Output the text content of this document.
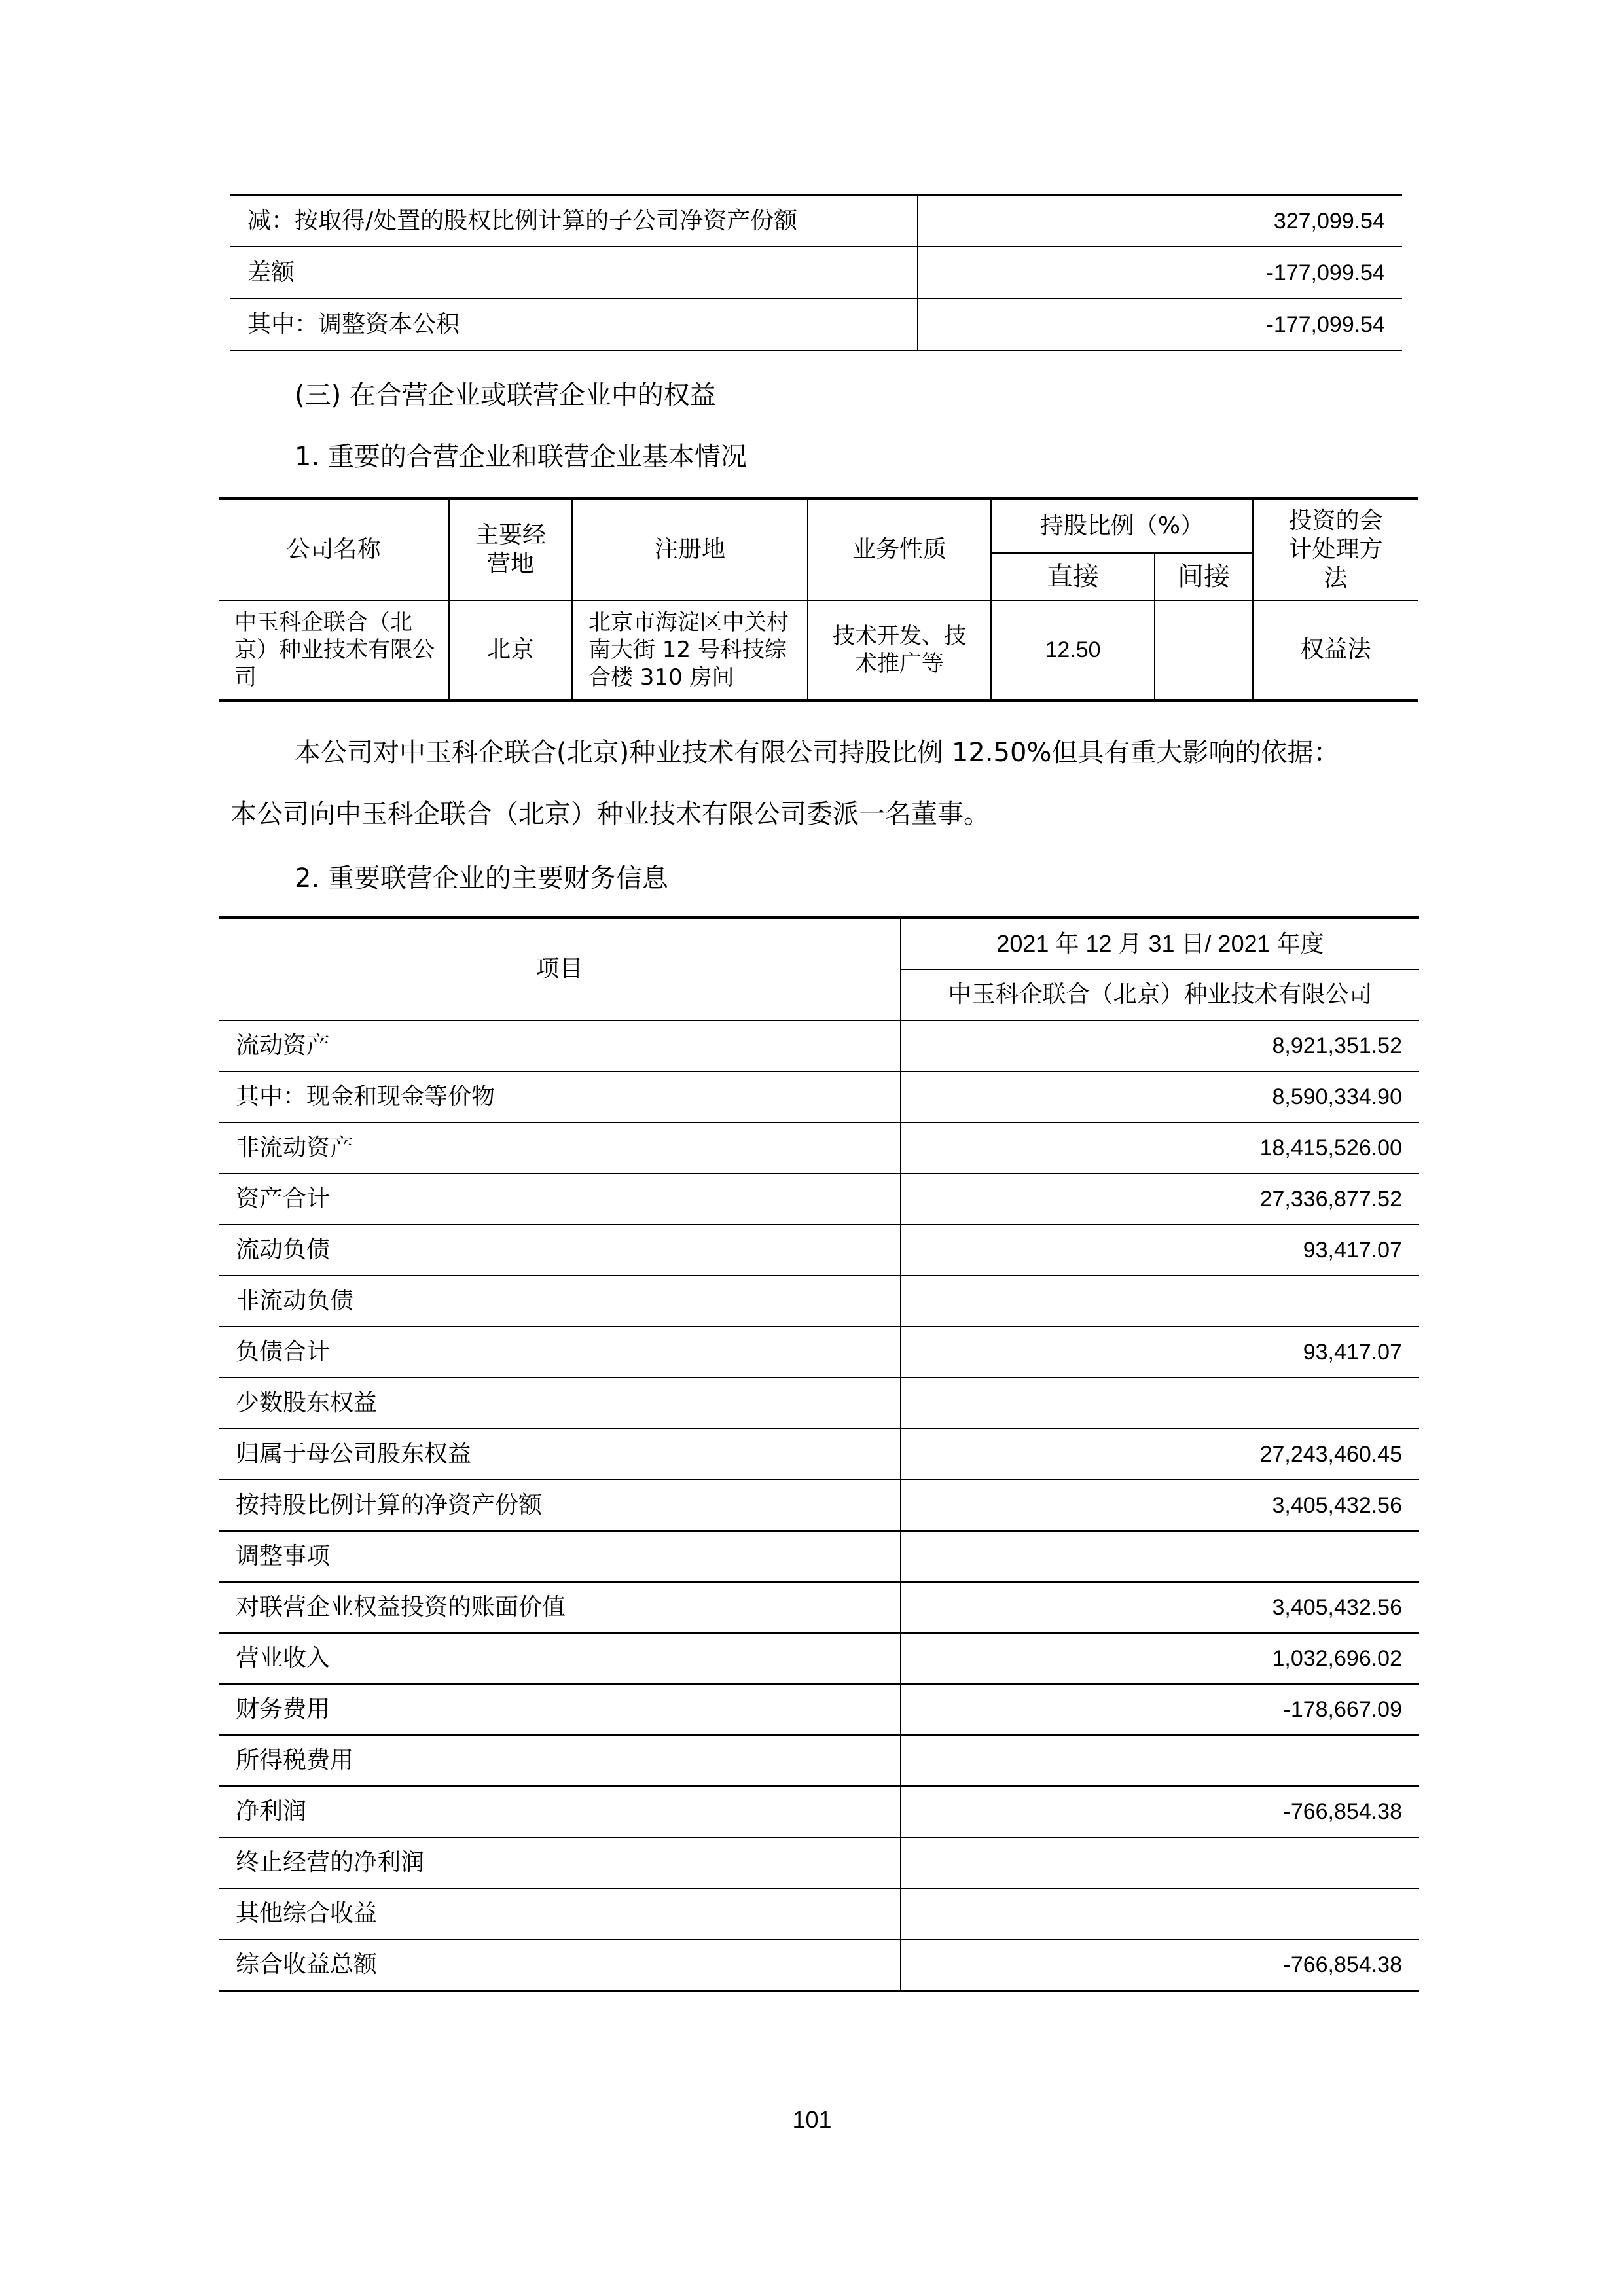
减：按取得/处置的股权比例计算的子公司净资产份额	327,099.54
差额	-177,099.54
其中：调整资本公积	-177,099.54
(三) 在合营企业或联营企业中的权益
1. 重要的合营企业和联营企业基本情况
公司名称	主要经营地	注册地	业务性质	持股比例（%）		投资的会计处理方法
				直接	间接	
中玉科企联合（北京）种业技术有限公司	北京	北京市海淀区中关村南大街 12 号科技综合楼 310 房间	技术开发、技术推广等	12.50		权益法
本公司对中玉科企联合(北京)种业技术有限公司持股比例 12.50%但具有重大影响的依据：
本公司向中玉科企联合（北京）种业技术有限公司委派一名董事。
2. 重要联营企业的主要财务信息
项目	2021 年 12 月 31 日/ 2021 年度
	中玉科企联合（北京）种业技术有限公司
流动资产	8,921,351.52
其中：现金和现金等价物	8,590,334.90
非流动资产	18,415,526.00
资产合计	27,336,877.52
流动负债	93,417.07
非流动负债	
负债合计	93,417.07
少数股东权益	
归属于母公司股东权益	27,243,460.45
按持股比例计算的净资产份额	3,405,432.56
调整事项	
对联营企业权益投资的账面价值	3,405,432.56
营业收入	1,032,696.02
财务费用	-178,667.09
所得税费用	
净利润	-766,854.38
终止经营的净利润	
其他综合收益	
综合收益总额	-766,854.38
101
